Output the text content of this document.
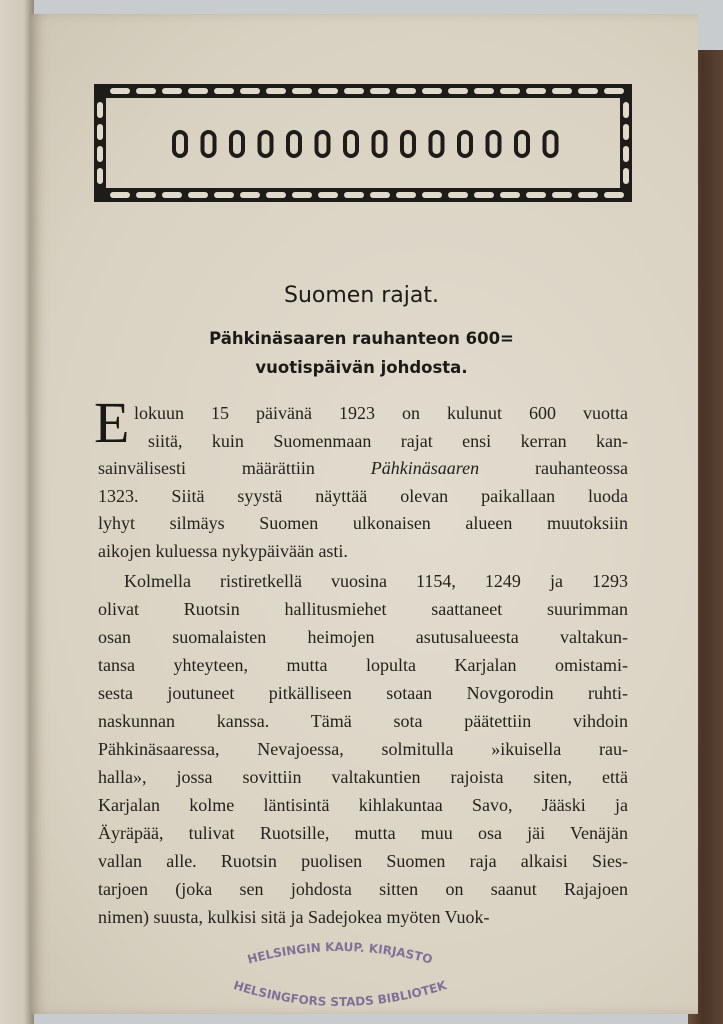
Suomen rajat.
Pähkinäsaaren rauhanteon 600=
vuotispäivän johdosta.
E lokuun 15 päivänä 1923 on kulunut 600 vuotta
siitä, kuin Suomenmaan rajat ensi kerran kan-
sainvälisesti määrättiin Pähkinäsaaren rauhanteossa
1323. Siitä syystä näyttää olevan paikallaan luoda
lyhyt silmäys Suomen ulkonaisen alueen muutoksiin
aikojen kuluessa nykypäivään asti.
Kolmella ristiretkellä vuosina 1154, 1249 ja 1293
olivat Ruotsin hallitusmiehet saattaneet suurimman
osan suomalaisten heimojen asutusalueesta valtakun-
tansa yhteyteen, mutta lopulta Karjalan omistami-
sesta joutuneet pitkälliseen sotaan Novgorodin ruhti-
naskunnan kanssa. Tämä sota päätettiin vihdoin
Pähkinäsaaressa, Nevajoessa, solmitulla »ikuisella rau-
halla», jossa sovittiin valtakuntien rajoista siten, että
Karjalan kolme läntisintä kihlakuntaa Savo, Jääski ja
Äyräpää, tulivat Ruotsille, mutta muu osa jäi Venäjän
vallan alle. Ruotsin puolisen Suomen raja alkaisi Sies-
tarjoen (joka sen johdosta sitten on saanut Rajajoen
nimen) suusta, kulkisi sitä ja Sadejokea myöten Vuok-
HELSINGIN KAUP. KIRJASTO
HELSINGFORS STADS BIBLIOTEK
